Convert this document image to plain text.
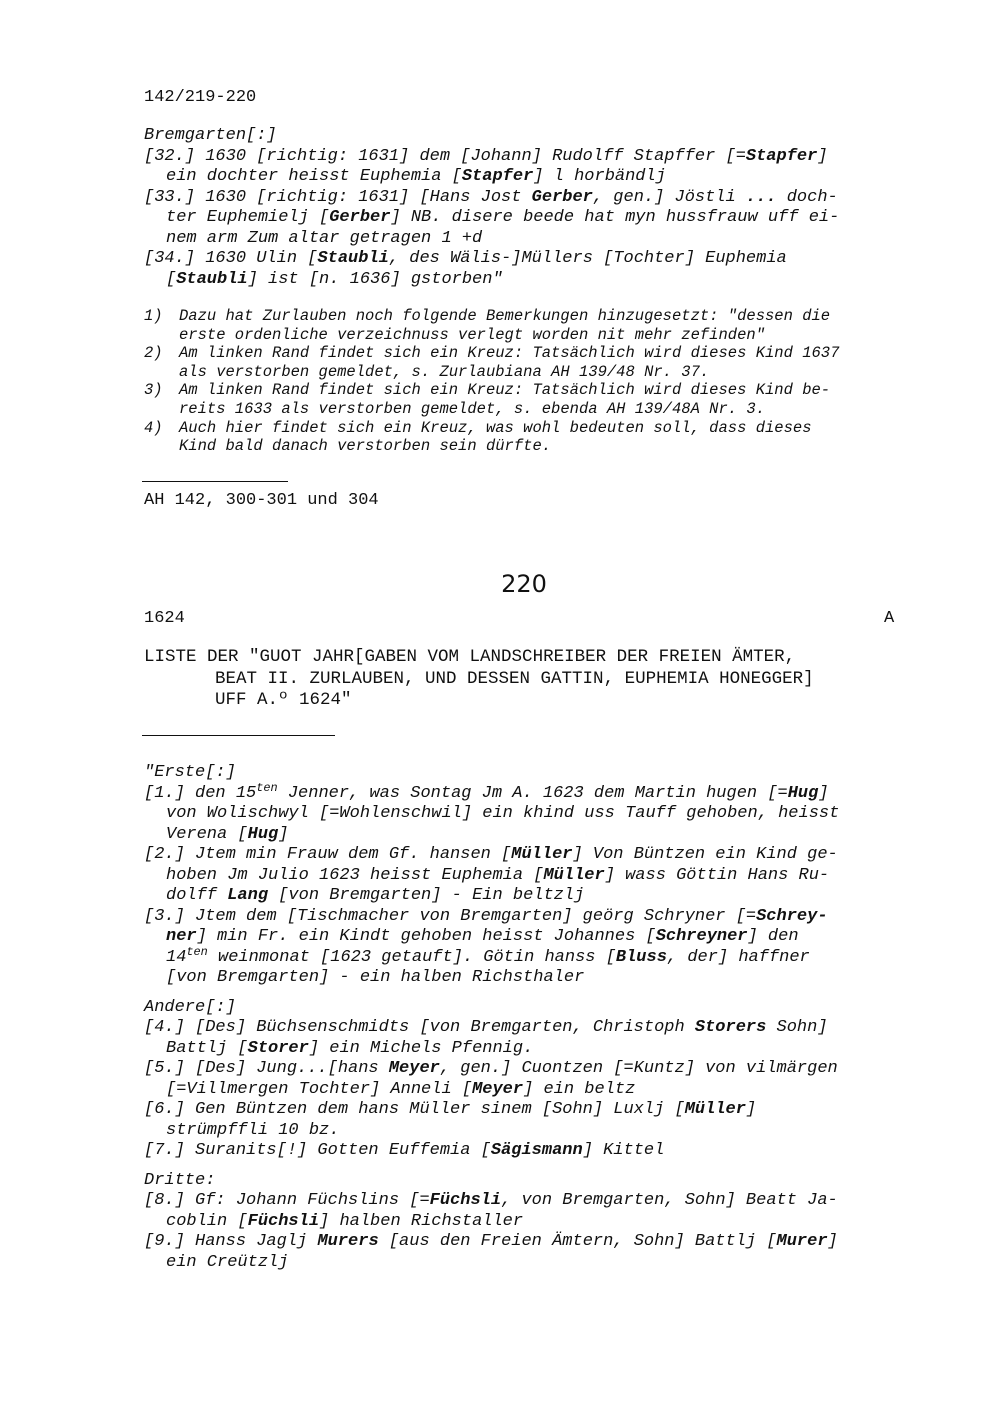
142/219-220
Bremgarten[:]
[32.] 1630 [richtig: 1631] dem [Johann] Rudolff Stapffer [=Stapfer]
ein dochter heisst Euphemia [Stapfer] l horbändlj
[33.] 1630 [richtig: 1631] [Hans Jost Gerber, gen.] Jöstli ... doch-
ter Euphemielj [Gerber] NB. disere beede hat myn hussfrauw uff ei-
nem arm Zum altar getragen 1 +d
[34.] 1630 Ulin [Staubli, des Wälis-]Müllers [Tochter] Euphemia
[Staubli] ist [n. 1636] gstorben"
1) Dazu hat Zurlauben noch folgende Bemerkungen hinzugesetzt: "dessen die
erste ordenliche verzeichnuss verlegt worden nit mehr zefinden"
2) Am linken Rand findet sich ein Kreuz: Tatsächlich wird dieses Kind 1637
als verstorben gemeldet, s. Zurlaubiana AH 139/48 Nr. 37.
3) Am linken Rand findet sich ein Kreuz: Tatsächlich wird dieses Kind be-
reits 1633 als verstorben gemeldet, s. ebenda AH 139/48A Nr. 3.
4) Auch hier findet sich ein Kreuz, was wohl bedeuten soll, dass dieses
Kind bald danach verstorben sein dürfte.
AH 142, 300-301 und 304
220
1624	A
LISTE DER "GUOT JAHR[GABEN VOM LANDSCHREIBER DER FREIEN ÄMTER,
BEAT II. ZURLAUBEN, UND DESSEN GATTIN, EUPHEMIA HONEGGER]
UFF A.º 1624"
"Erste[:]
[1.] den $15^{ten}$ Jenner, was Sontag Jm A. 1623 dem Martin hugen [=Hug]
von Wolischwyl [=Wohlenschwil] ein khind uss Tauff gehoben, heisst
Verena [Hug]
[2.] Jtem min Frauw dem Gf. hansen [Müller] Von Büntzen ein Kind ge-
hoben Jm Julio 1623 heisst Euphemia [Müller] wass Göttin Hans Ru-
dolff Lang [von Bremgarten] - Ein beltzlj
[3.] Jtem dem [Tischmacher von Bremgarten] geörg Schryner [=Schrey-
ner] min Fr. ein Kindt gehoben heisst Johannes [Schreyner] den
$14^{ten}$ weinmonat [1623 getauft]. Götin hanss [Bluss, der] haffner
[von Bremgarten] - ein halben Richsthaler
Andere[:]
[4.] [Des] Büchsenschmidts [von Bremgarten, Christoph Storers Sohn]
Battlj [Storer] ein Michels Pfennig.
[5.] [Des] Jung...[hans Meyer, gen.] Cuontzen [=Kuntz] von vilmärgen
[=Villmergen Tochter] Anneli [Meyer] ein beltz
[6.] Gen Büntzen dem hans Müller sinem [Sohn] Luxlj [Müller]
strümpffli 10 bz.
[7.] Suranits[!] Gotten Euffemia [Sägismann] Kittel
Dritte:
[8.] Gf: Johann Füchslins [=Füchsli, von Bremgarten, Sohn] Beatt Ja-
coblin [Füchsli] halben Richstaller
[9.] Hanss Jaglj Murers [aus den Freien Ämtern, Sohn] Battlj [Murer]
ein Creützlj
